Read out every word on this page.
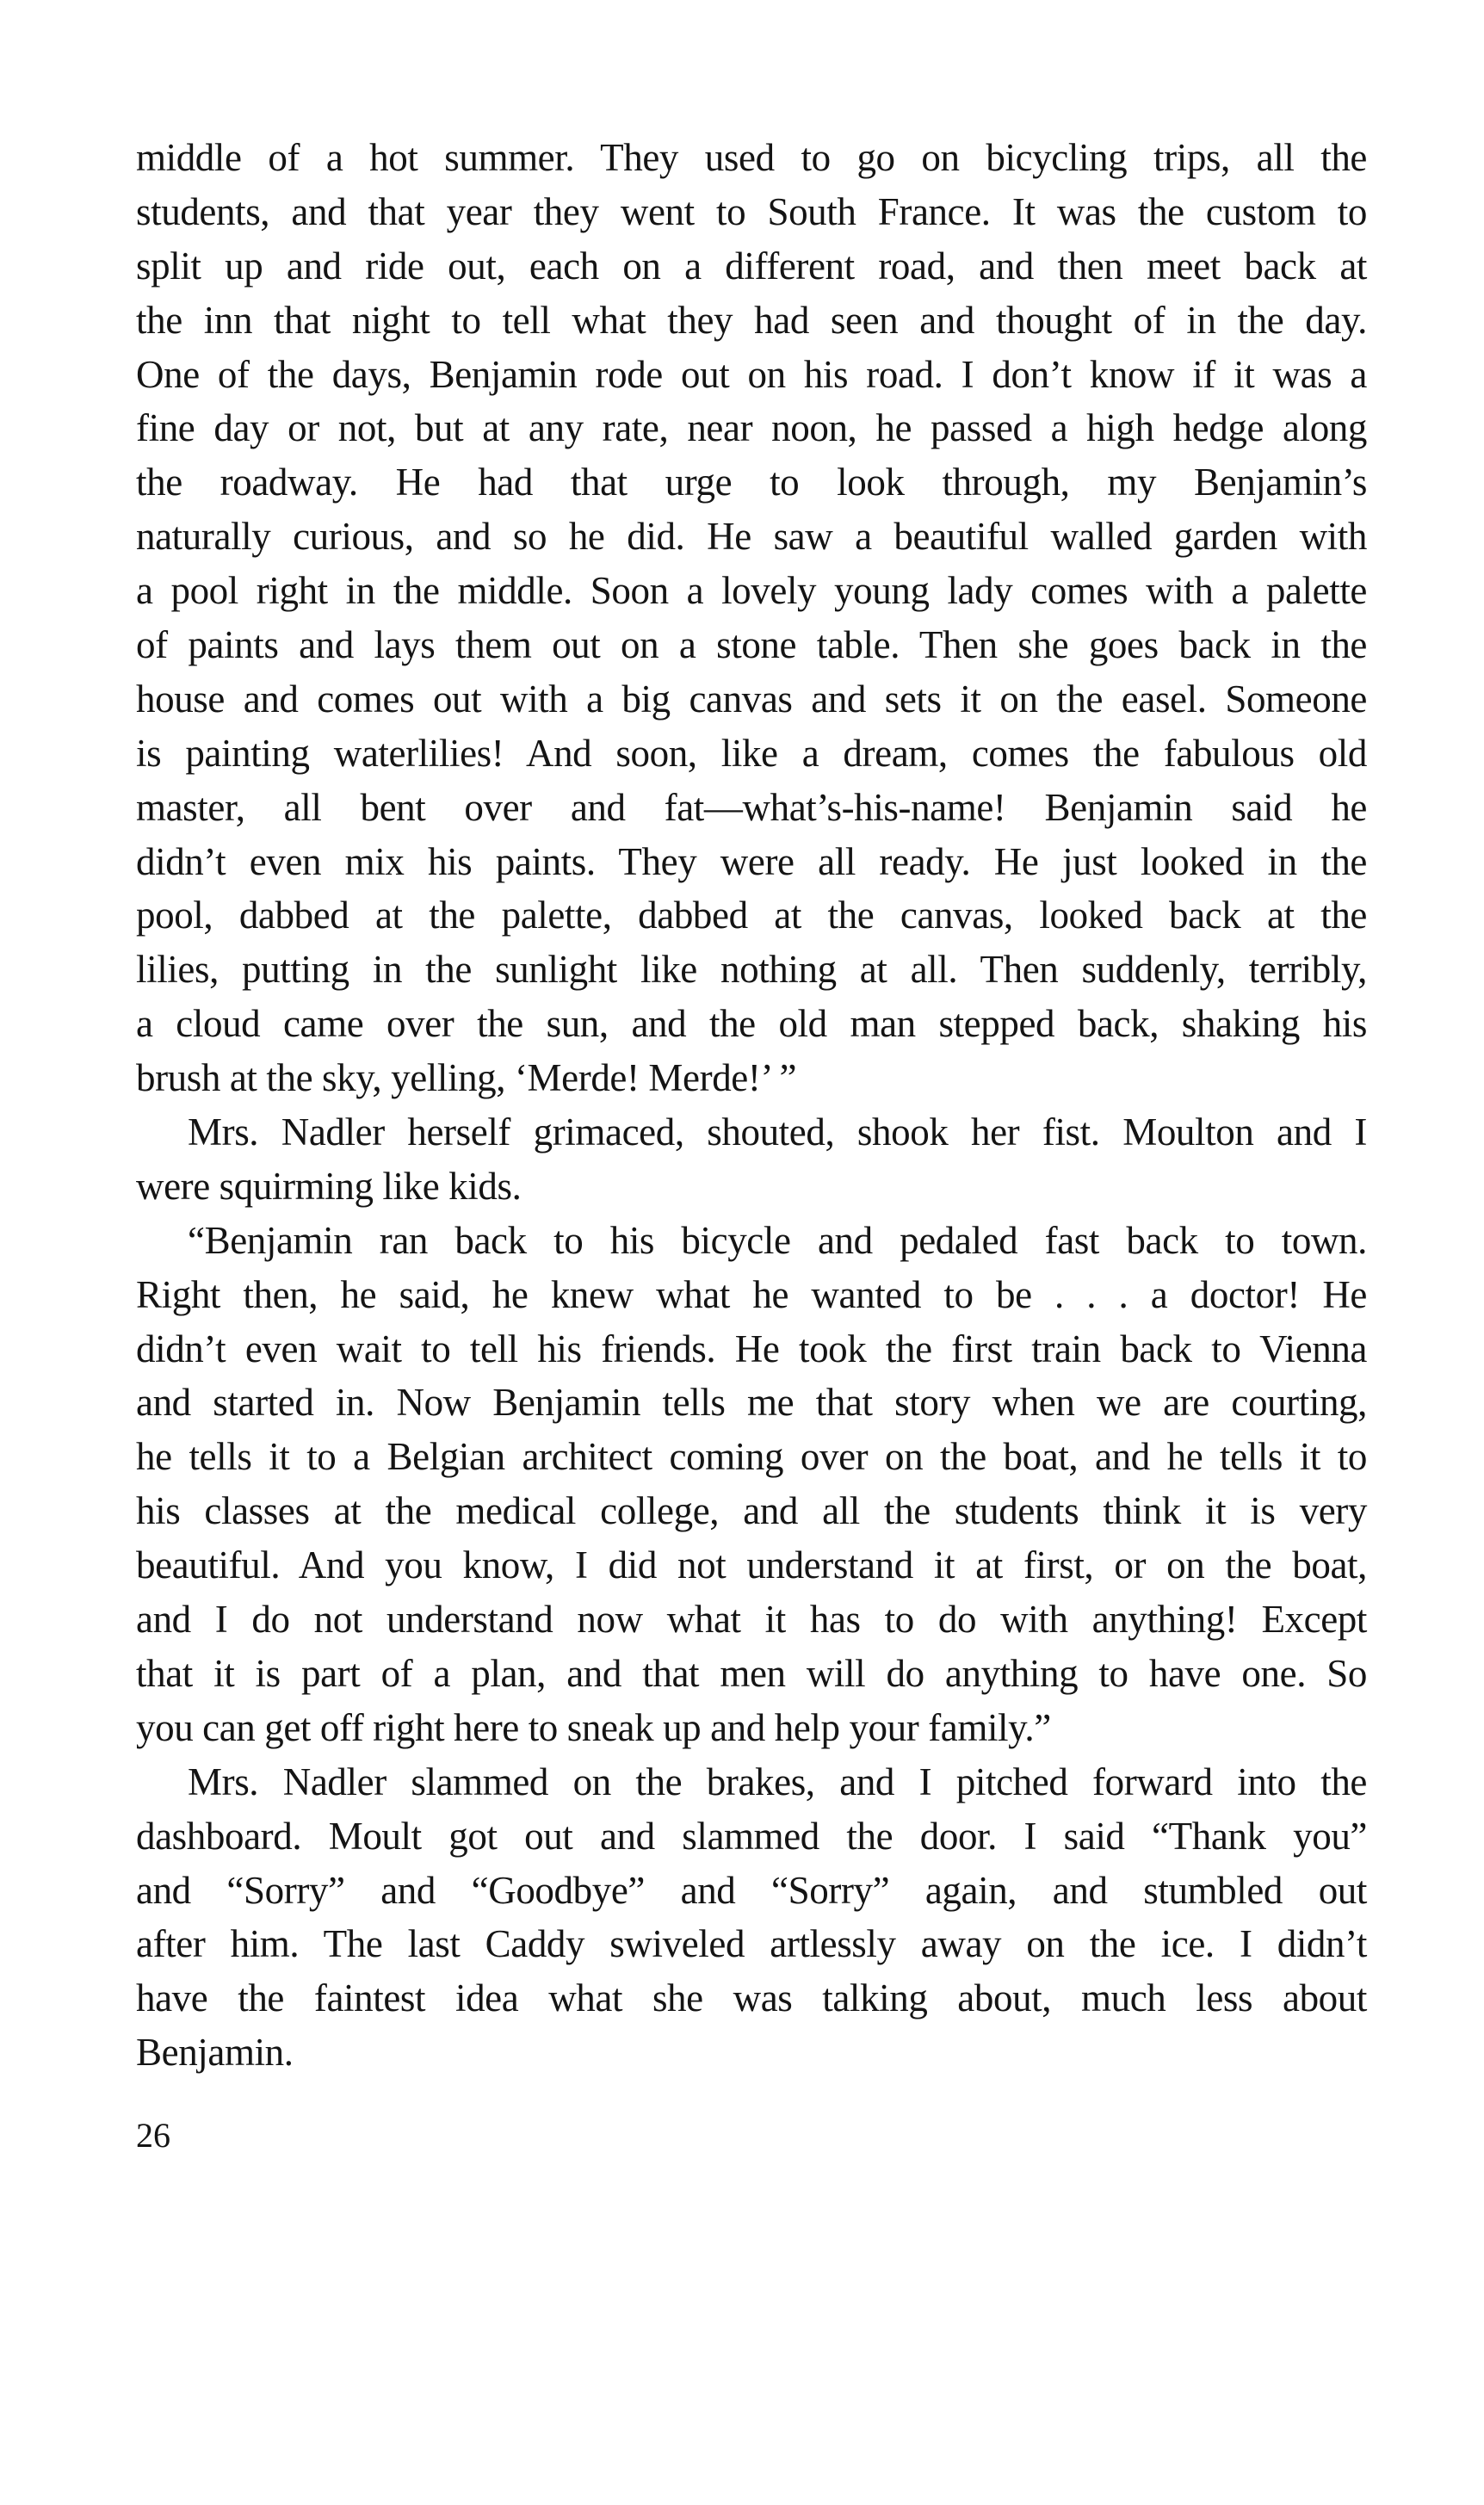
middle of a hot summer. They used to go on bicycling trips, all the
students, and that year they went to South France. It was the custom to
split up and ride out, each on a different road, and then meet back at
the inn that night to tell what they had seen and thought of in the day.
One of the days, Benjamin rode out on his road. I don’t know if it was a
fine day or not, but at any rate, near noon, he passed a high hedge along
the roadway. He had that urge to look through, my Benjamin’s
naturally curious, and so he did. He saw a beautiful walled garden with
a pool right in the middle. Soon a lovely young lady comes with a palette
of paints and lays them out on a stone table. Then she goes back in the
house and comes out with a big canvas and sets it on the easel. Someone
is painting waterlilies! And soon, like a dream, comes the fabulous old
master, all bent over and fat—what’s-his-name! Benjamin said he
didn’t even mix his paints. They were all ready. He just looked in the
pool, dabbed at the palette, dabbed at the canvas, looked back at the
lilies, putting in the sunlight like nothing at all. Then suddenly, terribly,
a cloud came over the sun, and the old man stepped back, shaking his
brush at the sky, yelling, ‘Merde! Merde!’ ”
Mrs. Nadler herself grimaced, shouted, shook her fist. Moulton and I
were squirming like kids.
“Benjamin ran back to his bicycle and pedaled fast back to town.
Right then, he said, he knew what he wanted to be . . . a doctor! He
didn’t even wait to tell his friends. He took the first train back to Vienna
and started in. Now Benjamin tells me that story when we are courting,
he tells it to a Belgian architect coming over on the boat, and he tells it to
his classes at the medical college, and all the students think it is very
beautiful. And you know, I did not understand it at first, or on the boat,
and I do not understand now what it has to do with anything! Except
that it is part of a plan, and that men will do anything to have one. So
you can get off right here to sneak up and help your family.”
Mrs. Nadler slammed on the brakes, and I pitched forward into the
dashboard. Moult got out and slammed the door. I said “Thank you”
and “Sorry” and “Goodbye” and “Sorry” again, and stumbled out
after him. The last Caddy swiveled artlessly away on the ice. I didn’t
have the faintest idea what she was talking about, much less about
Benjamin.
26
